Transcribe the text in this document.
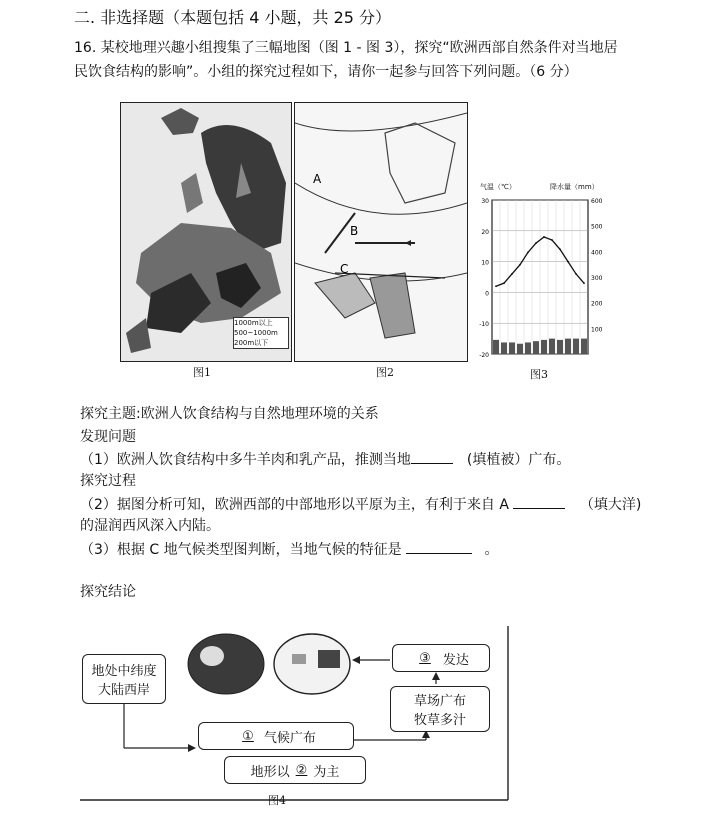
二. 非选择题（本题包括 4 小题，共 25 分）
16. 某校地理兴趣小组搜集了三幅地图（图 1 - 图 3），探究“欧洲西部自然条件对当地居
民饮食结构的影响”。小组的探究过程如下，请你一起参与回答下列问题。（6 分）
1000m以上
500~1000m
200m以下
图1
A
B
C
图2
气温（℃）	降水量（mm）
30
20
10
0
-10
-20
600
500
400
300
200
100
图3
探究主题:欧洲人饮食结构与自然地理环境的关系
发现问题
（1）欧洲人饮食结构中多牛羊肉和乳产品，推测当地	(填植被）广布。
探究过程
（2）据图分析可知，欧洲西部的中部地形以平原为主，有利于来自 A	（填大洋)
的湿润西风深入内陆。
（3）根据 C 地气候类型图判断，当地气候的特征是	。
探究结论
地处中纬度
大陆西岸
③ 发达
草场广布
牧草多汁
① 气候广布
地形以 ② 为主
图4
